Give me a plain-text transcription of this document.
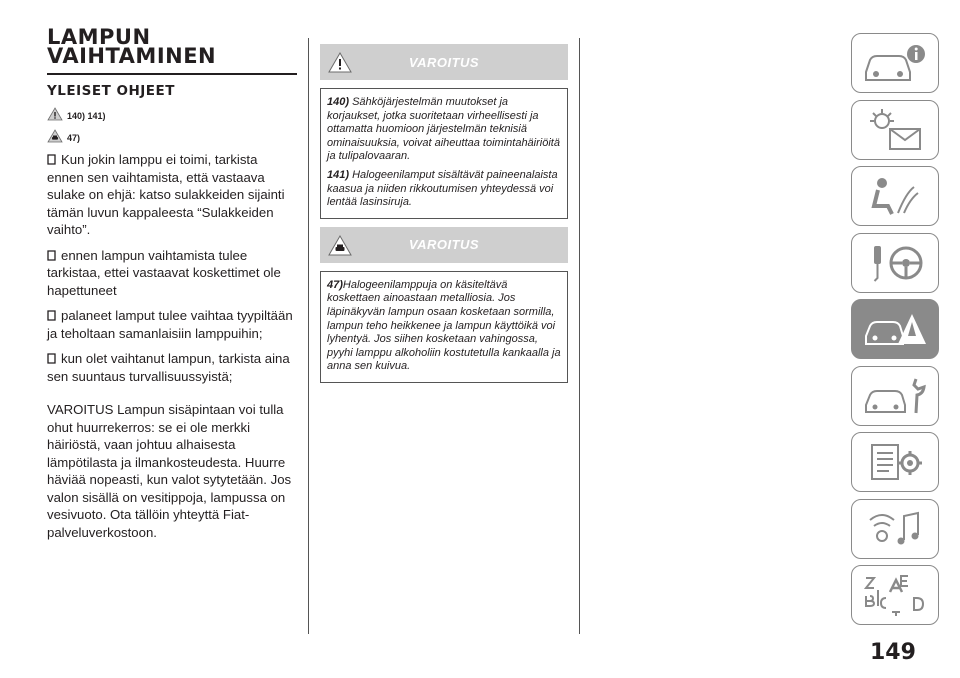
LAMPUN
VAIHTAMINEN
YLEISET OHJEET
140) 141)
47)

Kun jokin lamppu ei toimi, tarkista ennen sen vaihtamista, että vastaava sulake on ehjä: katso sulakkeiden sijainti tämän luvun kappaleesta “Sulakkeiden vaihto”.

ennen lampun vaihtamista tulee tarkistaa, ettei vastaavat koskettimet ole hapettuneet

palaneet lamput tulee vaihtaa tyypiltään ja teholtaan samanlaisiin lamppuihin;

kun olet vaihtanut lampun, tarkista aina sen suuntaus turvallisuussyistä;

VAROITUS Lampun sisäpintaan voi tulla ohut huurrekerros: se ei ole merkki häiriöstä, vaan johtuu alhaisesta lämpötilasta ja ilmankosteudesta. Huurre häviää nopeasti, kun valot sytytetään. Jos valon sisällä on vesitippoja, lampussa on vesivuoto. Ota tällöin yhteyttä Fiat-palveluverkostoon.

VAROITUS

140) Sähköjärjestelmän muutokset ja korjaukset, jotka suoritetaan virheellisesti ja ottamatta huomioon järjestelmän teknisiä ominaisuuksia, voivat aiheuttaa toimintahäiriöitä ja tulipalovaaran.

141) Halogeenilamput sisältävät paineenalaista kaasua ja niiden rikkoutumisen yhteydessä voi lentää lasinsiruja.

VAROITUS

47)Halogeenilamppuja on käsiteltävä koskettaen ainoastaan metalliosia. Jos läpinäkyvän lampun osaan kosketaan sormilla, lampun teho heikkenee ja lampun käyttöikä voi lyhentyä. Jos siihen kosketaan vahingossa, pyyhi lamppu alkoholiin kostutetulla kankaalla ja anna sen kuivua.

149
